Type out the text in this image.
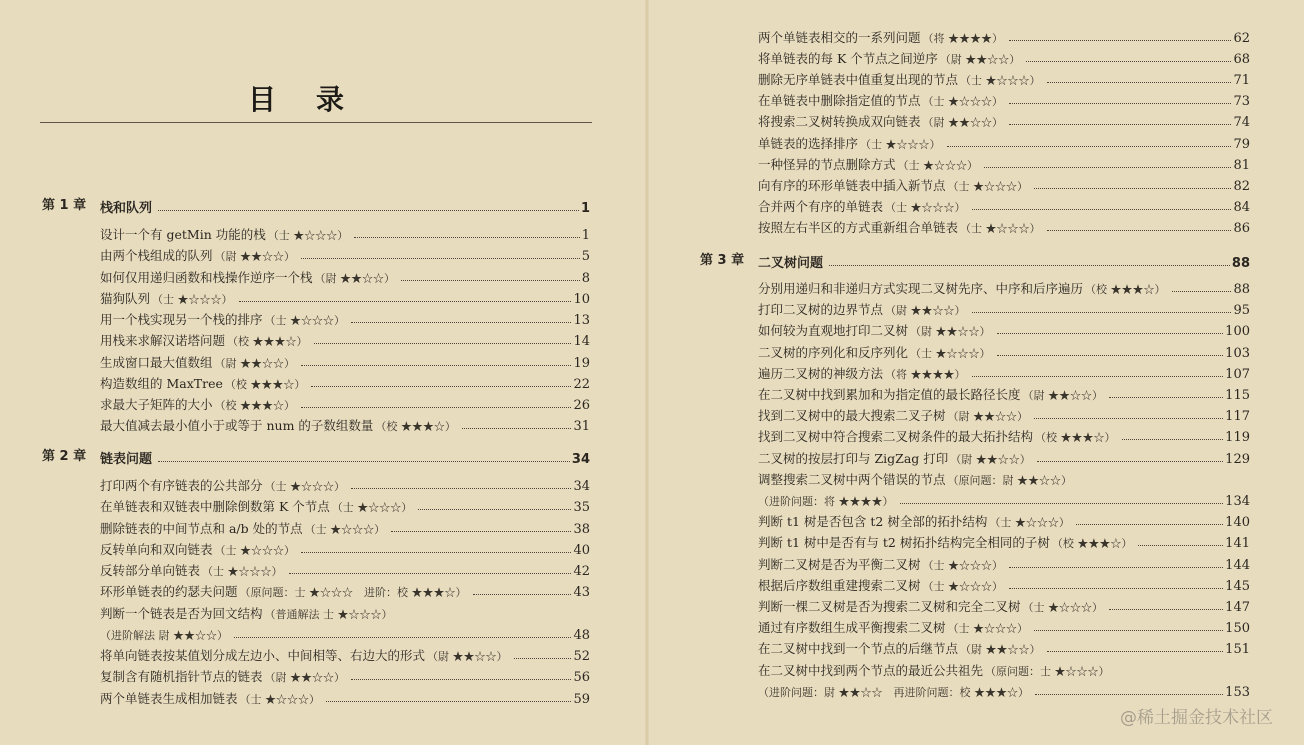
目录
第 1 章	栈和队列	1
设计一个有 getMin 功能的栈 （士 ★☆☆☆）	1
由两个栈组成的队列 （尉 ★★☆☆）	5
如何仅用递归函数和栈操作逆序一个栈 （尉 ★★☆☆）	8
猫狗队列 （士 ★☆☆☆）	10
用一个栈实现另一个栈的排序 （士 ★☆☆☆）	13
用栈来求解汉诺塔问题 （校 ★★★☆）	14
生成窗口最大值数组 （尉 ★★☆☆）	19
构造数组的 MaxTree （校 ★★★☆）	22
求最大子矩阵的大小 （校 ★★★☆）	26
最大值减去最小值小于或等于 num 的子数组数量 （校 ★★★☆）	31
第 2 章	链表问题	34
打印两个有序链表的公共部分 （士 ★☆☆☆）	34
在单链表和双链表中删除倒数第 K 个节点 （士 ★☆☆☆）	35
删除链表的中间节点和 a/b 处的节点 （士 ★☆☆☆）	38
反转单向和双向链表 （士 ★☆☆☆）	40
反转部分单向链表 （士 ★☆☆☆）	42
环形单链表的约瑟夫问题 （原问题：士 ★☆☆☆　进阶：校 ★★★☆）	43
判断一个链表是否为回文结构 （普通解法 士 ★☆☆☆）
（进阶解法 尉 ★★☆☆）	48
将单向链表按某值划分成左边小、中间相等、右边大的形式 （尉 ★★☆☆）	52
复制含有随机指针节点的链表 （尉 ★★☆☆）	56
两个单链表生成相加链表 （士 ★☆☆☆）	59
两个单链表相交的一系列问题 （将 ★★★★）	62
将单链表的每 K 个节点之间逆序 （尉 ★★☆☆）	68
删除无序单链表中值重复出现的节点 （士 ★☆☆☆）	71
在单链表中删除指定值的节点 （士 ★☆☆☆）	73
将搜索二叉树转换成双向链表 （尉 ★★☆☆）	74
单链表的选择排序 （士 ★☆☆☆）	79
一种怪异的节点删除方式 （士 ★☆☆☆）	81
向有序的环形单链表中插入新节点 （士 ★☆☆☆）	82
合并两个有序的单链表 （士 ★☆☆☆）	84
按照左右半区的方式重新组合单链表 （士 ★☆☆☆）	86
第 3 章	二叉树问题	88
分别用递归和非递归方式实现二叉树先序、中序和后序遍历 （校 ★★★☆）	88
打印二叉树的边界节点 （尉 ★★☆☆）	95
如何较为直观地打印二叉树 （尉 ★★☆☆）	100
二叉树的序列化和反序列化 （士 ★☆☆☆）	103
遍历二叉树的神级方法 （将 ★★★★）	107
在二叉树中找到累加和为指定值的最长路径长度 （尉 ★★☆☆）	115
找到二叉树中的最大搜索二叉子树 （尉 ★★☆☆）	117
找到二叉树中符合搜索二叉树条件的最大拓扑结构 （校 ★★★☆）	119
二叉树的按层打印与 ZigZag 打印 （尉 ★★☆☆）	129
调整搜索二叉树中两个错误的节点 （原问题：尉 ★★☆☆）
（进阶问题：将 ★★★★）	134
判断 t1 树是否包含 t2 树全部的拓扑结构 （士 ★☆☆☆）	140
判断 t1 树中是否有与 t2 树拓扑结构完全相同的子树 （校 ★★★☆）	141
判断二叉树是否为平衡二叉树 （士 ★☆☆☆）	144
根据后序数组重建搜索二叉树 （士 ★☆☆☆）	145
判断一棵二叉树是否为搜索二叉树和完全二叉树 （士 ★☆☆☆）	147
通过有序数组生成平衡搜索二叉树 （士 ★☆☆☆）	150
在二叉树中找到一个节点的后继节点 （尉 ★★☆☆）	151
在二叉树中找到两个节点的最近公共祖先 （原问题：士 ★☆☆☆）
（进阶问题：尉 ★★☆☆　再进阶问题：校 ★★★☆）	153
@稀土掘金技术社区
